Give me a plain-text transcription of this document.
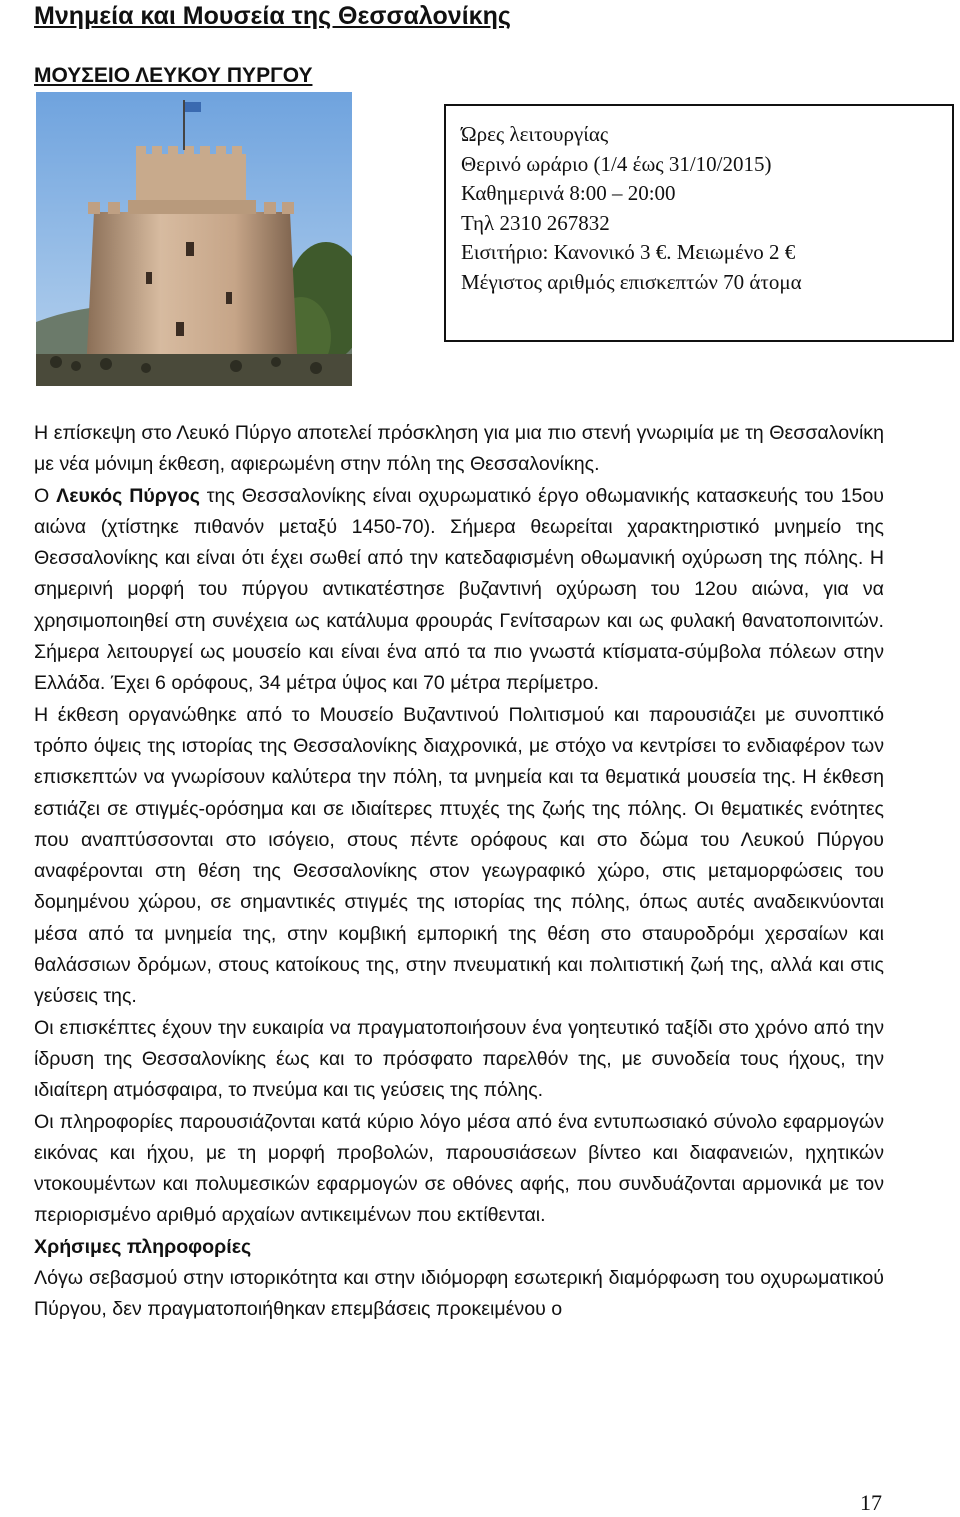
Μνημεία και Μουσεία της Θεσσαλονίκης
ΜΟΥΣΕΙΟ ΛΕΥΚΟΥ ΠΥΡΓΟΥ
Ώρες λειτουργίας
Θερινό ωράριο (1/4 έως 31/10/2015)
Καθημερινά 8:00 – 20:00
Τηλ 2310 267832
Εισιτήριο: Κανονικό 3 €. Μειωμένο 2 €
Μέγιστος αριθμός επισκεπτών 70 άτομα

Η επίσκεψη στο Λευκό Πύργο αποτελεί πρόσκληση για μια πιο στενή γνωριμία με τη Θεσσαλονίκη με νέα μόνιμη έκθεση, αφιερωμένη στην πόλη της Θεσσαλονίκης.

Ο Λευκός Πύργος της Θεσσαλονίκης είναι οχυρωματικό έργο οθωμανικής κατασκευής του 15ου αιώνα (χτίστηκε πιθανόν μεταξύ 1450-70). Σήμερα θεωρείται χαρακτηριστικό μνημείο της Θεσσαλονίκης και είναι ότι έχει σωθεί από την κατεδαφισμένη οθωμανική οχύρωση της πόλης. Η σημερινή μορφή του πύργου αντικατέστησε βυζαντινή οχύρωση του 12ου αιώνα, για να χρησιμοποιηθεί στη συνέχεια ως κατάλυμα φρουράς Γενίτσαρων και ως φυλακή θανατοποινιτών. Σήμερα λειτουργεί ως μουσείο και είναι ένα από τα πιο γνωστά κτίσματα-σύμβολα πόλεων στην Ελλάδα. Έχει 6 ορόφους, 34 μέτρα ύψος και 70 μέτρα περίμετρο.

Η έκθεση οργανώθηκε από το Μουσείο Βυζαντινού Πολιτισμού και παρουσιάζει με συνοπτικό τρόπο όψεις της ιστορίας της Θεσσαλονίκης διαχρονικά, με στόχο να κεντρίσει το ενδιαφέρον των επισκεπτών να γνωρίσουν καλύτερα την πόλη, τα μνημεία και τα θεματικά μουσεία της. Η έκθεση εστιάζει σε στιγμές-ορόσημα και σε ιδιαίτερες πτυχές της ζωής της πόλης. Οι θεματικές ενότητες που αναπτύσσονται στο ισόγειο, στους πέντε ορόφους και στο δώμα του Λευκού Πύργου αναφέρονται στη θέση της Θεσσαλονίκης στον γεωγραφικό χώρο, στις μεταμορφώσεις του δομημένου χώρου, σε σημαντικές στιγμές της ιστορίας της πόλης, όπως αυτές αναδεικνύονται μέσα από τα μνημεία της, στην κομβική εμπορική της θέση στο σταυροδρόμι χερσαίων και θαλάσσιων δρόμων, στους κατοίκους της, στην πνευματική και πολιτιστική ζωή της, αλλά και στις γεύσεις της.

Οι επισκέπτες έχουν την ευκαιρία να πραγματοποιήσουν ένα γοητευτικό ταξίδι στο χρόνο από την ίδρυση της Θεσσαλονίκης έως και το πρόσφατο παρελθόν της, με συνοδεία τους ήχους, την ιδιαίτερη ατμόσφαιρα, το πνεύμα και τις γεύσεις της πόλης.

Οι πληροφορίες παρουσιάζονται κατά κύριο λόγο μέσα από ένα εντυπωσιακό σύνολο εφαρμογών εικόνας και ήχου, με τη μορφή προβολών, παρουσιάσεων βίντεο και διαφανειών, ηχητικών ντοκουμέντων και πολυμεσικών εφαρμογών σε οθόνες αφής, που συνδυάζονται αρμονικά με τον περιορισμένο αριθμό αρχαίων αντικειμένων που εκτίθενται.

Χρήσιμες πληροφορίες

Λόγω σεβασμού στην ιστορικότητα και στην ιδιόμορφη εσωτερική διαμόρφωση του οχυρωματικού Πύργου, δεν πραγματοποιήθηκαν επεμβάσεις προκειμένου ο

17
